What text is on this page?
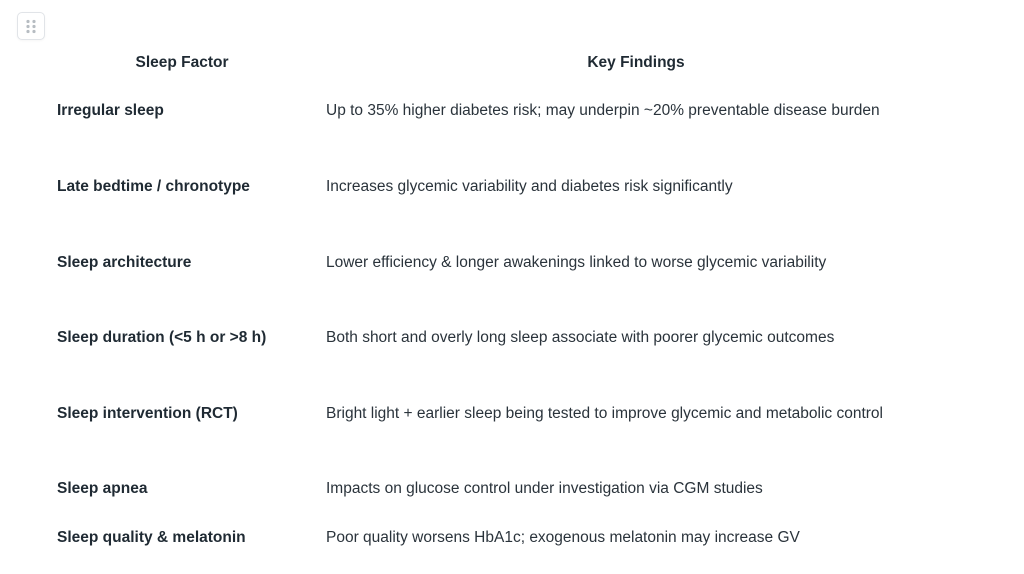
Sleep Factor	Key Findings
Irregular sleep	Up to 35% higher diabetes risk; may underpin ~20% preventable disease burden
Late bedtime / chronotype	Increases glycemic variability and diabetes risk significantly
Sleep architecture	Lower efficiency & longer awakenings linked to worse glycemic variability
Sleep duration (<5 h or >8 h)	Both short and overly long sleep associate with poorer glycemic outcomes
Sleep intervention (RCT)	Bright light + earlier sleep being tested to improve glycemic and metabolic control
Sleep apnea	Impacts on glucose control under investigation via CGM studies
Sleep quality & melatonin	Poor quality worsens HbA1c; exogenous melatonin may increase GV
